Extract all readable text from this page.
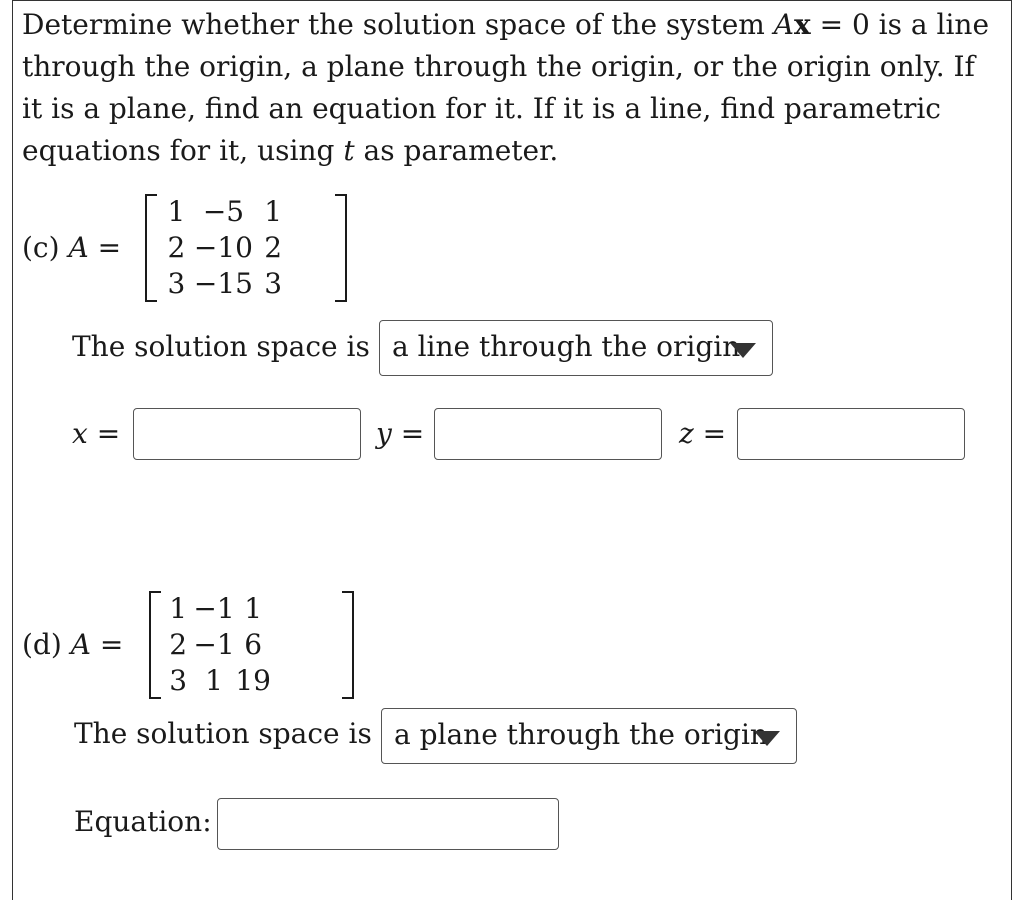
Determine whether the solution space of the system Ax = 0 is a line through the origin, a plane through the origin, or the origin only. If it is a plane, find an equation for it. If it is a line, find parametric equations for it, using t as parameter.

(c) A =
1	−5	1
2	−10	2
3	−15	3
The solution space is a line through the origin
x =	y =	z =
(d) A =
1	−1	1
2	−1	6
3	1	19
The solution space is a plane through the origin
Equation:
